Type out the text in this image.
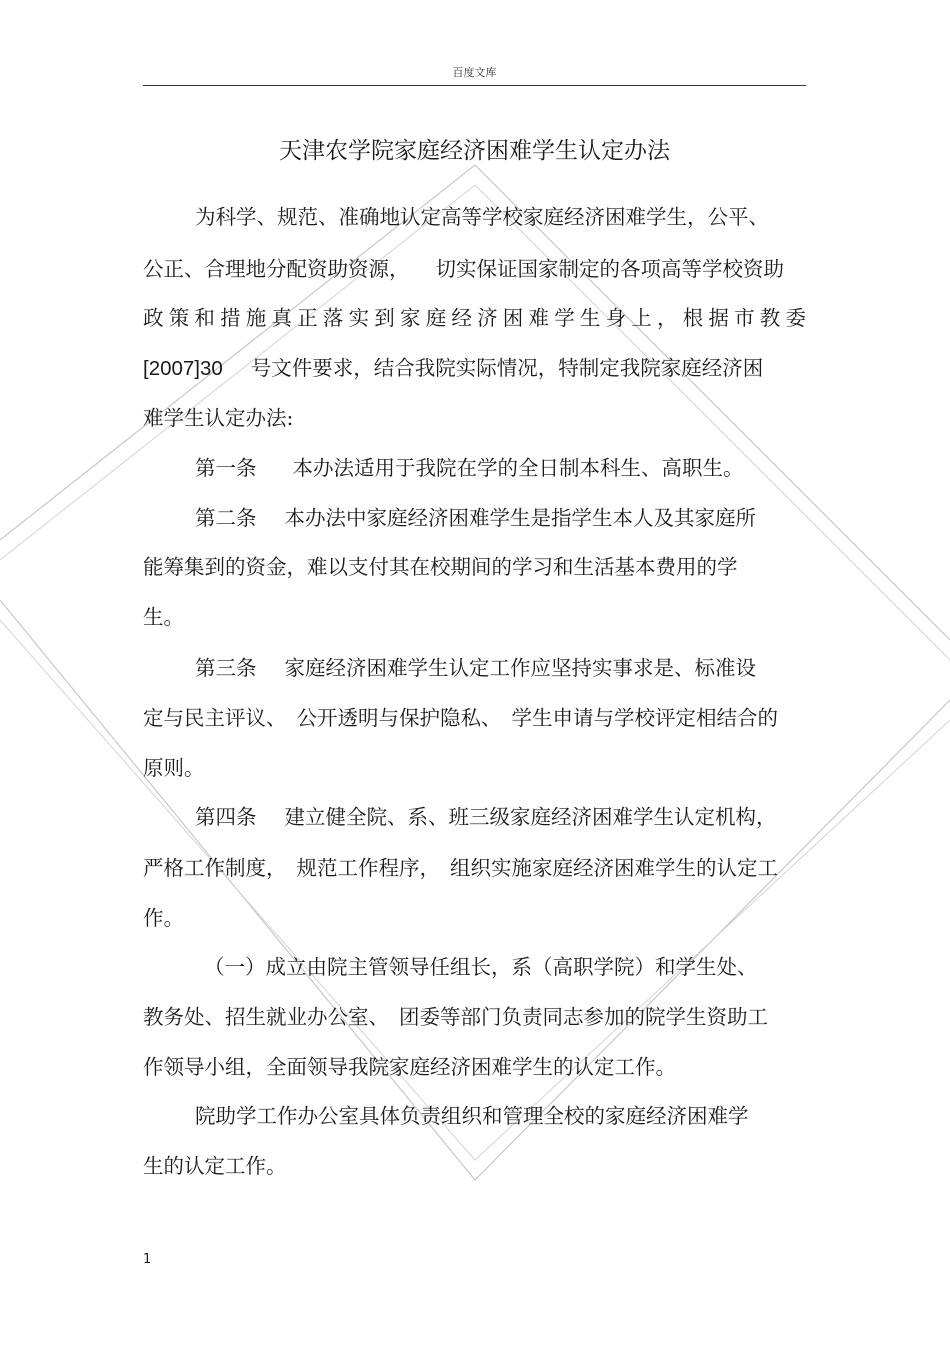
百度文库
天津农学院家庭经济困难学生认定办法

为科学、规范、准确地认定高等学校家庭经济困难学生，公平、

公正、合理地分配资助资源， 切实保证国家制定的各项高等学校资助

政策和措施真正落实到家庭经济困难学生身上，根据市教委

[2007]30 号文件要求，结合我院实际情况，特制定我院家庭经济困

难学生认定办法:

第一条 本办法适用于我院在学的全日制本科生、高职生。

第二条 本办法中家庭经济困难学生是指学生本人及其家庭所

能筹集到的资金，难以支付其在校期间的学习和生活基本费用的学

生。

第三条 家庭经济困难学生认定工作应坚持实事求是、标准设

定与民主评议、 公开透明与保护隐私、 学生申请与学校评定相结合的

原则。

第四条 建立健全院、系、班三级家庭经济困难学生认定机构，

严格工作制度， 规范工作程序， 组织实施家庭经济困难学生的认定工

作。

（一）成立由院主管领导任组长，系（高职学院）和学生处、

教务处、招生就业办公室、 团委等部门负责同志参加的院学生资助工

作领导小组，全面领导我院家庭经济困难学生的认定工作。

院助学工作办公室具体负责组织和管理全校的家庭经济困难学

生的认定工作。

1
